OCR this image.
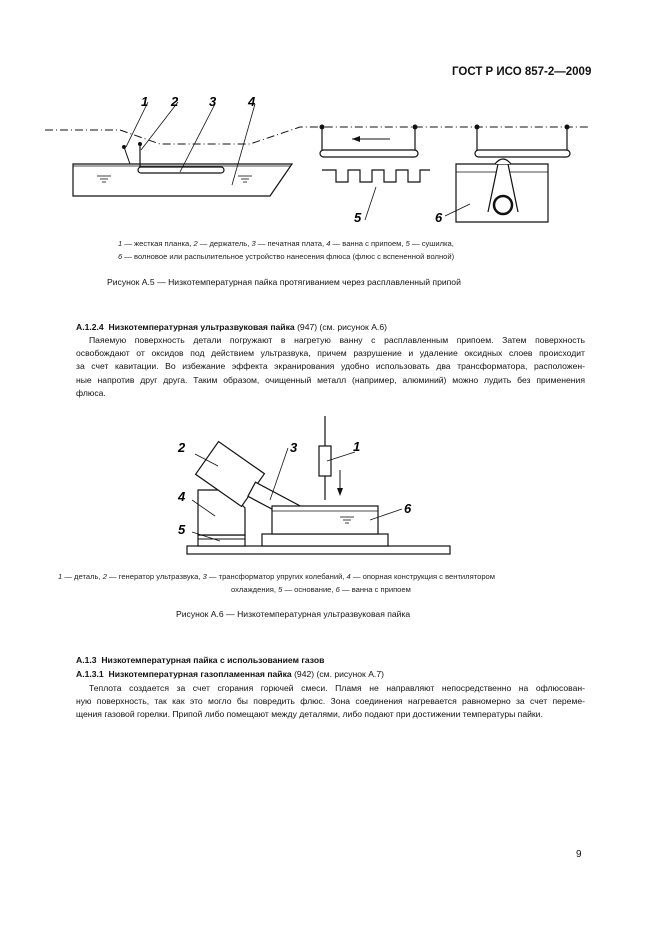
ГОСТ Р ИСО 857-2—2009
1 2 3 4
5	6
1 — жесткая планка, 2 — держатель, 3 — печатная плата, 4 — ванна с припоем, 5 — сушилка,
6 — волновое или распылительное устройство нанесения флюса (флюс с вспененной волной)
Рисунок А.5 — Низкотемпературная пайка протягиванием через расплавленный припой
А.1.2.4 Низкотемпературная ультразвуковая пайка (947) (см. рисунок А.6)
Паяемую поверхность детали погружают в нагретую ванну с расплавленным припоем. Затем поверхность
освобождают от оксидов под действием ультразвука, причем разрушение и удаление оксидных слоев происходит
за счет кавитации. Во избежание эффекта экранирования удобно использовать два трансформатора, расположен-
ные напротив друг друга. Таким образом, очищенный металл (например, алюминий) можно лудить без применения
флюса.
1
2	3
4
5
6
1 — деталь, 2 — генератор ультразвука, 3 — трансформатор упругих колебаний, 4 — опорная конструкция с вентилятором
охлаждения, 5 — основание, 6 — ванна с припоем
Рисунок А.6 — Низкотемпературная ультразвуковая пайка
А.1.3 Низкотемпературная пайка с использованием газов
А.1.3.1 Низкотемпературная газопламенная пайка (942) (см. рисунок А.7)
Теплота создается за счет сгорания горючей смеси. Пламя не направляют непосредственно на офлюсован-
ную поверхность, так как это могло бы повредить флюс. Зона соединения нагревается равномерно за счет переме-
щения газовой горелки. Припой либо помещают между деталями, либо подают при достижении температуры пайки.
9
